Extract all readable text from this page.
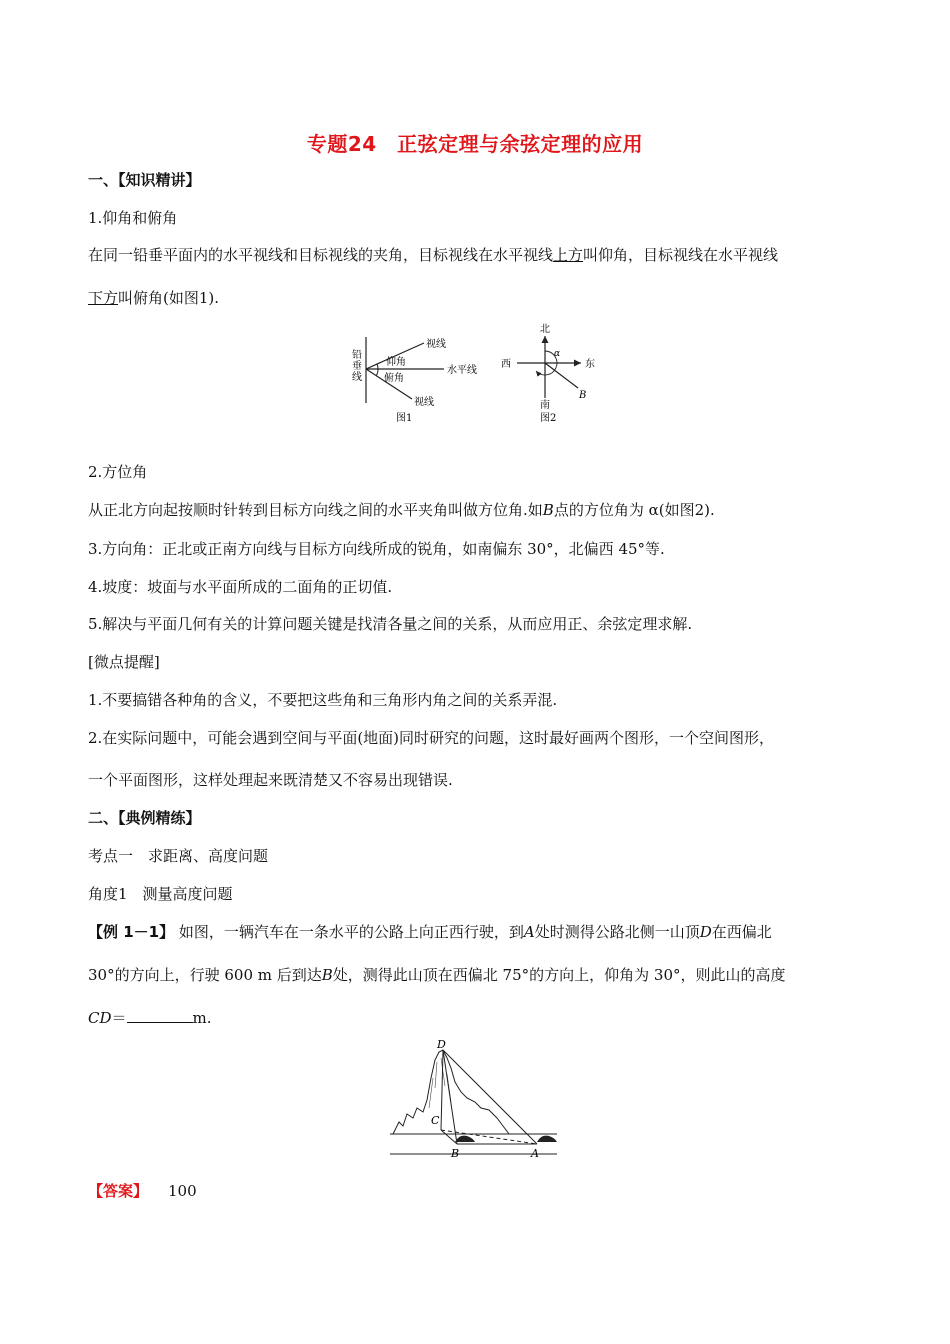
专题24　正弦定理与余弦定理的应用
一、【知识精讲】
1.仰角和俯角
在同一铅垂平面内的水平视线和目标视线的夹角，目标视线在水平视线上方叫仰角，目标视线在水平视线
下方叫俯角(如图1).
铅
垂
线
视线
仰角
水平线
俯角
视线
图1
北
西	东
α
B
南
图2
2.方位角
从正北方向起按顺时针转到目标方向线之间的水平夹角叫做方位角.如B点的方位角为 α(如图2).
3.方向角：正北或正南方向线与目标方向线所成的锐角，如南偏东 30°，北偏西 45°等.
4.坡度：坡面与水平面所成的二面角的正切值.
5.解决与平面几何有关的计算问题关键是找清各量之间的关系，从而应用正、余弦定理求解.
[微点提醒]
1.不要搞错各种角的含义，不要把这些角和三角形内角之间的关系弄混.
2.在实际问题中，可能会遇到空间与平面(地面)同时研究的问题，这时最好画两个图形，一个空间图形，
一个平面图形，这样处理起来既清楚又不容易出现错误.
二、【典例精练】
考点一　求距离、高度问题
角度1　测量高度问题
【例 1－1】 如图，一辆汽车在一条水平的公路上向正西行驶，到A处时测得公路北侧一山顶D在西偏北
30°的方向上，行驶 600 m 后到达B处，测得此山顶在西偏北 75°的方向上，仰角为 30°，则此山的高度
CD＝	m.
D
C
B	A
【答案】 100
